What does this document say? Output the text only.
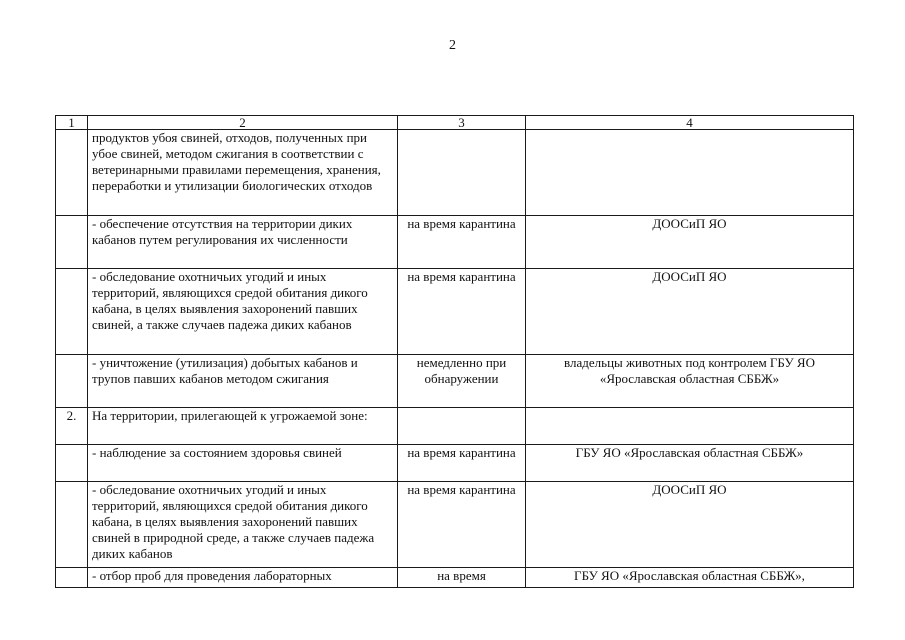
2
1	2	3	4
	продуктов убоя свиней, отходов, полученных при убое свиней, методом сжигания в соответствии с ветеринарными правилами перемещения, хранения, переработки и утилизации биологических отходов		
	- обеспечение отсутствия на территории диких кабанов путем регулирования их численности	на время карантина	ДООСиП ЯО
	- обследование охотничьих угодий и иных территорий, являющихся средой обитания дикого кабана, в целях выявления захоронений павших свиней, а также случаев падежа диких кабанов	на время карантина	ДООСиП ЯО
	- уничтожение (утилизация) добытых кабанов и трупов павших кабанов методом сжигания	немедленно при обнаружении	владельцы животных под контролем ГБУ ЯО «Ярославская областная СББЖ»
2.	На территории, прилегающей к угрожаемой зоне:		
	- наблюдение за состоянием здоровья свиней	на время карантина	ГБУ ЯО «Ярославская областная СББЖ»
	- обследование охотничьих угодий и иных территорий, являющихся средой обитания дикого кабана, в целях выявления захоронений павших свиней в природной среде, а также случаев падежа диких кабанов	на время карантина	ДООСиП ЯО
	- отбор проб для проведения лабораторных	на время	ГБУ ЯО «Ярославская областная СББЖ»,
